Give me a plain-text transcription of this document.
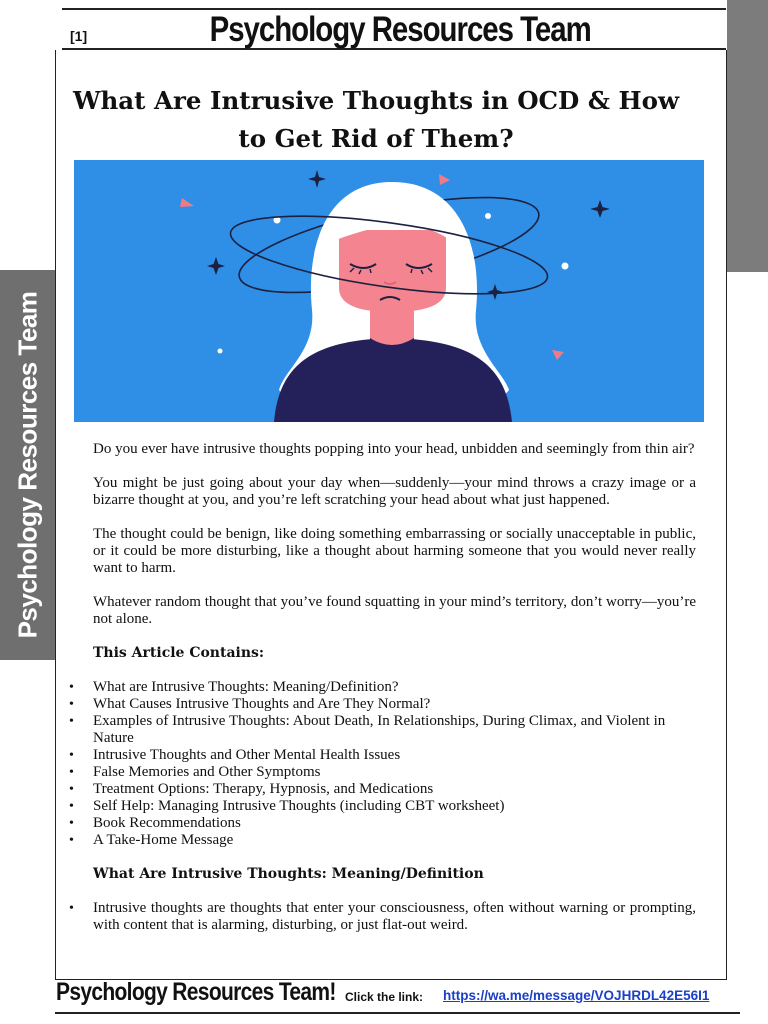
[1]	Psychology Resources Team
Psychology Resources Team
What Are Intrusive Thoughts in OCD & How to Get Rid of Them?

Do you ever have intrusive thoughts popping into your head, unbidden and seemingly from thin air?

You might be just going about your day when—suddenly—your mind throws a crazy image or a bizarre thought at you, and you’re left scratching your head about what just happened.

The thought could be benign, like doing something embarrassing or socially unacceptable in public, or it could be more disturbing, like a thought about harming someone that you would never really want to harm.

Whatever random thought that you’ve found squatting in your mind’s territory, don’t worry—you’re not alone.

This Article Contains:

• What are Intrusive Thoughts: Meaning/Definition?
• What Causes Intrusive Thoughts and Are They Normal?
• Examples of Intrusive Thoughts: About Death, In Relationships, During Climax, and Violent in Nature
• Intrusive Thoughts and Other Mental Health Issues
• False Memories and Other Symptoms
• Treatment Options: Therapy, Hypnosis, and Medications
• Self Help: Managing Intrusive Thoughts (including CBT worksheet)
• Book Recommendations
• A Take-Home Message

What Are Intrusive Thoughts: Meaning/Definition

• Intrusive thoughts are thoughts that enter your consciousness, often without warning or prompting, with content that is alarming, disturbing, or just flat-out weird.
Psychology Resources Team! Click the link: https://wa.me/message/VOJHRDL42E56I1
